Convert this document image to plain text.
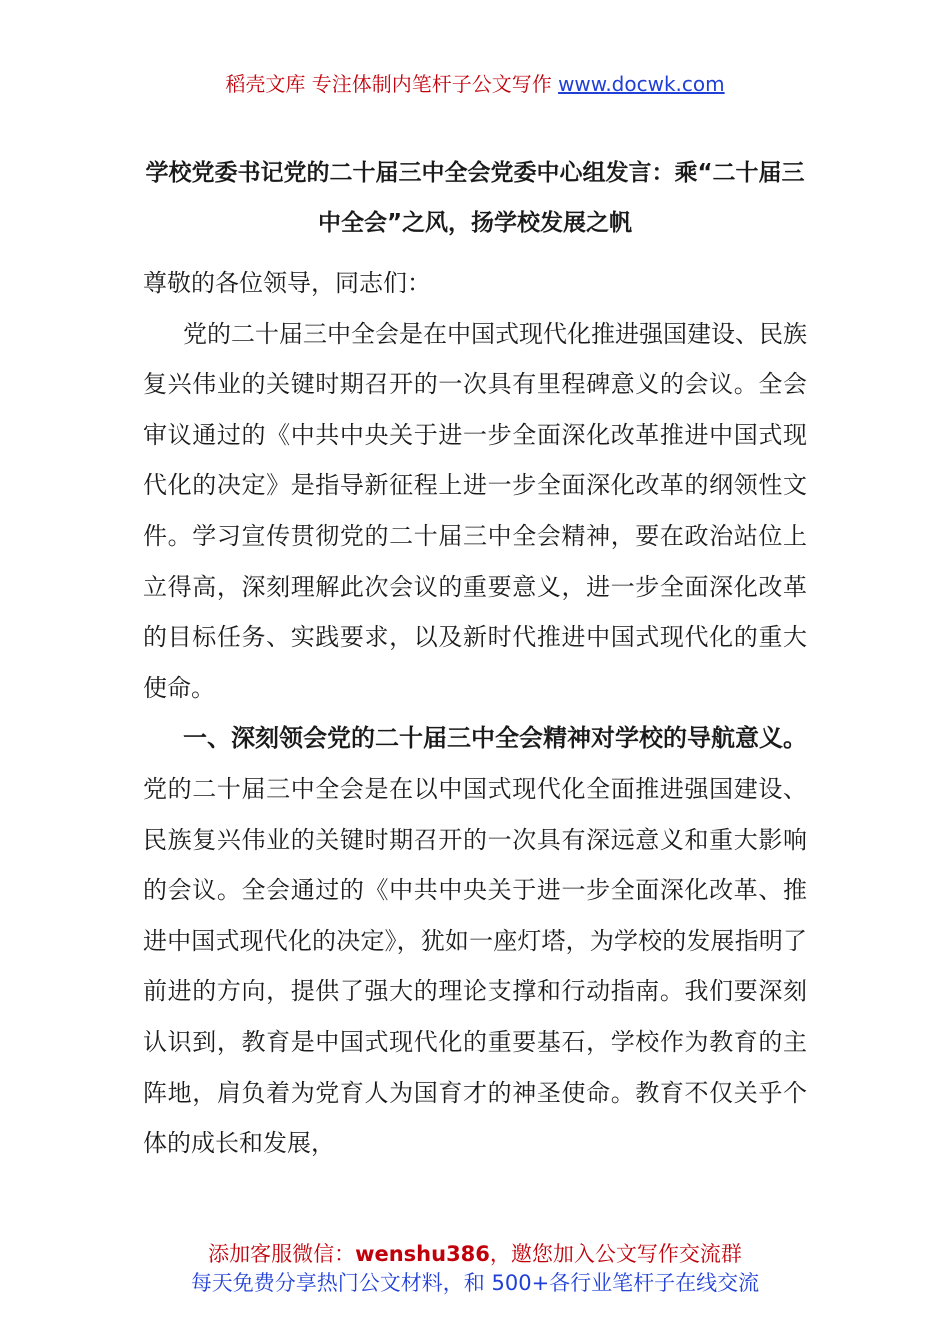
稻壳文库 专注体制内笔杆子公文写作 www.docwk.com
学校党委书记党的二十届三中全会党委中心组发言：乘“二十届三中全会”之风，扬学校发展之帆

尊敬的各位领导，同志们：

党的二十届三中全会是在中国式现代化推进强国建设、民族复兴伟业的关键时期召开的一次具有里程碑意义的会议。全会审议通过的《中共中央关于进一步全面深化改革推进中国式现代化的决定》是指导新征程上进一步全面深化改革的纲领性文件。学习宣传贯彻党的二十届三中全会精神，要在政治站位上立得高，深刻理解此次会议的重要意义，进一步全面深化改革的目标任务、实践要求，以及新时代推进中国式现代化的重大使命。

一、深刻领会党的二十届三中全会精神对学校的导航意义。党的二十届三中全会是在以中国式现代化全面推进强国建设、民族复兴伟业的关键时期召开的一次具有深远意义和重大影响的会议。全会通过的《中共中央关于进一步全面深化改革、推进中国式现代化的决定》，犹如一座灯塔，为学校的发展指明了前进的方向，提供了强大的理论支撑和行动指南。我们要深刻认识到，教育是中国式现代化的重要基石，学校作为教育的主阵地，肩负着为党育人为国育才的神圣使命。教育不仅关乎个体的成长和发展，

添加客服微信：wenshu386，邀您加入公文写作交流群
每天免费分享热门公文材料，和 500+各行业笔杆子在线交流
